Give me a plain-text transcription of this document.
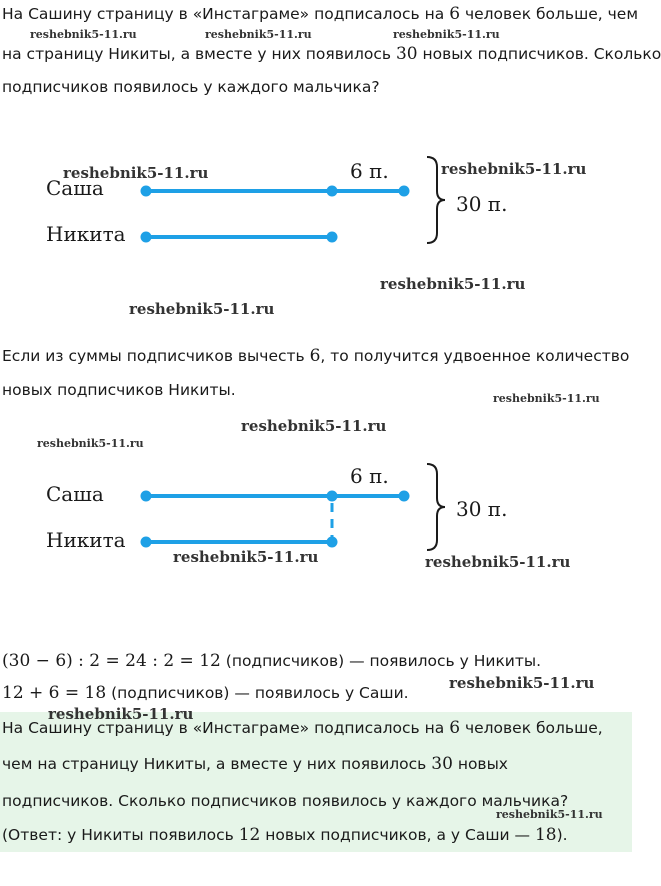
На Сашину страницу в «Инстаграме» подписалось на 6 человек больше, чем

на страницу Никиты, а вместе у них появилось 30 новых подписчиков. Сколько

подписчиков появилось у каждого мальчика?

Саша
Никита
6 п.
30 п.

Если из суммы подписчиков вычесть 6, то получится удвоенное количество

новых подписчиков Никиты.

Саша
Никита
6 п.
30 п.

(30 − 6) : 2 = 24 : 2 = 12 (подписчиков) — появилось у Никиты.

12 + 6 = 18 (подписчиков) — появилось у Саши.

На Сашину страницу в «Инстаграме» подписалось на 6 человек больше,

чем на страницу Никиты, а вместе у них появилось 30 новых

подписчиков. Сколько подписчиков появилось у каждого мальчика?

(Ответ: у Никиты появилось 12 новых подписчиков, а у Саши — 18).

reshebnik5-11.ru	reshebnik5-11.ru	reshebnik5-11.ru
reshebnik5-11.ru	reshebnik5-11.ru
reshebnik5-11.ru
reshebnik5-11.ru
reshebnik5-11.ru
reshebnik5-11.ru
reshebnik5-11.ru
reshebnik5-11.ru	reshebnik5-11.ru
reshebnik5-11.ru
reshebnik5-11.ru
reshebnik5-11.ru
